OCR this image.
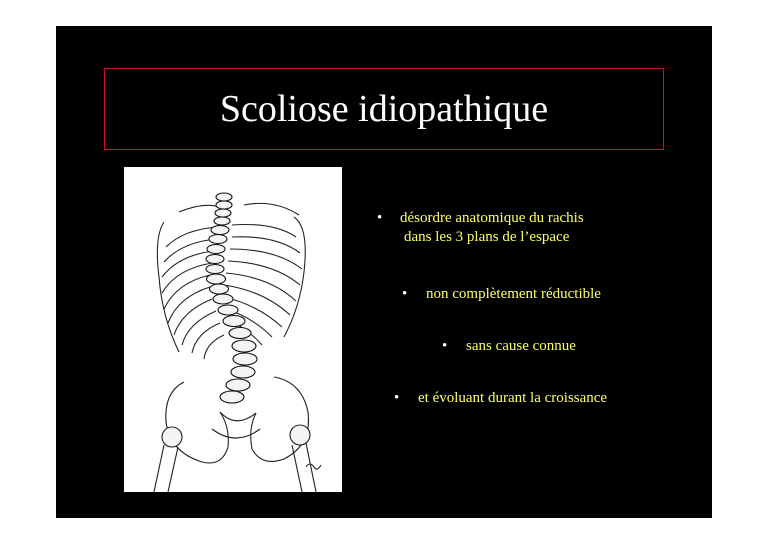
Scoliose idiopathique
• désordre anatomique du rachis
dans les 3 plans de l’espace
• non complètement réductible
• sans cause connue
• et évoluant durant la croissance
